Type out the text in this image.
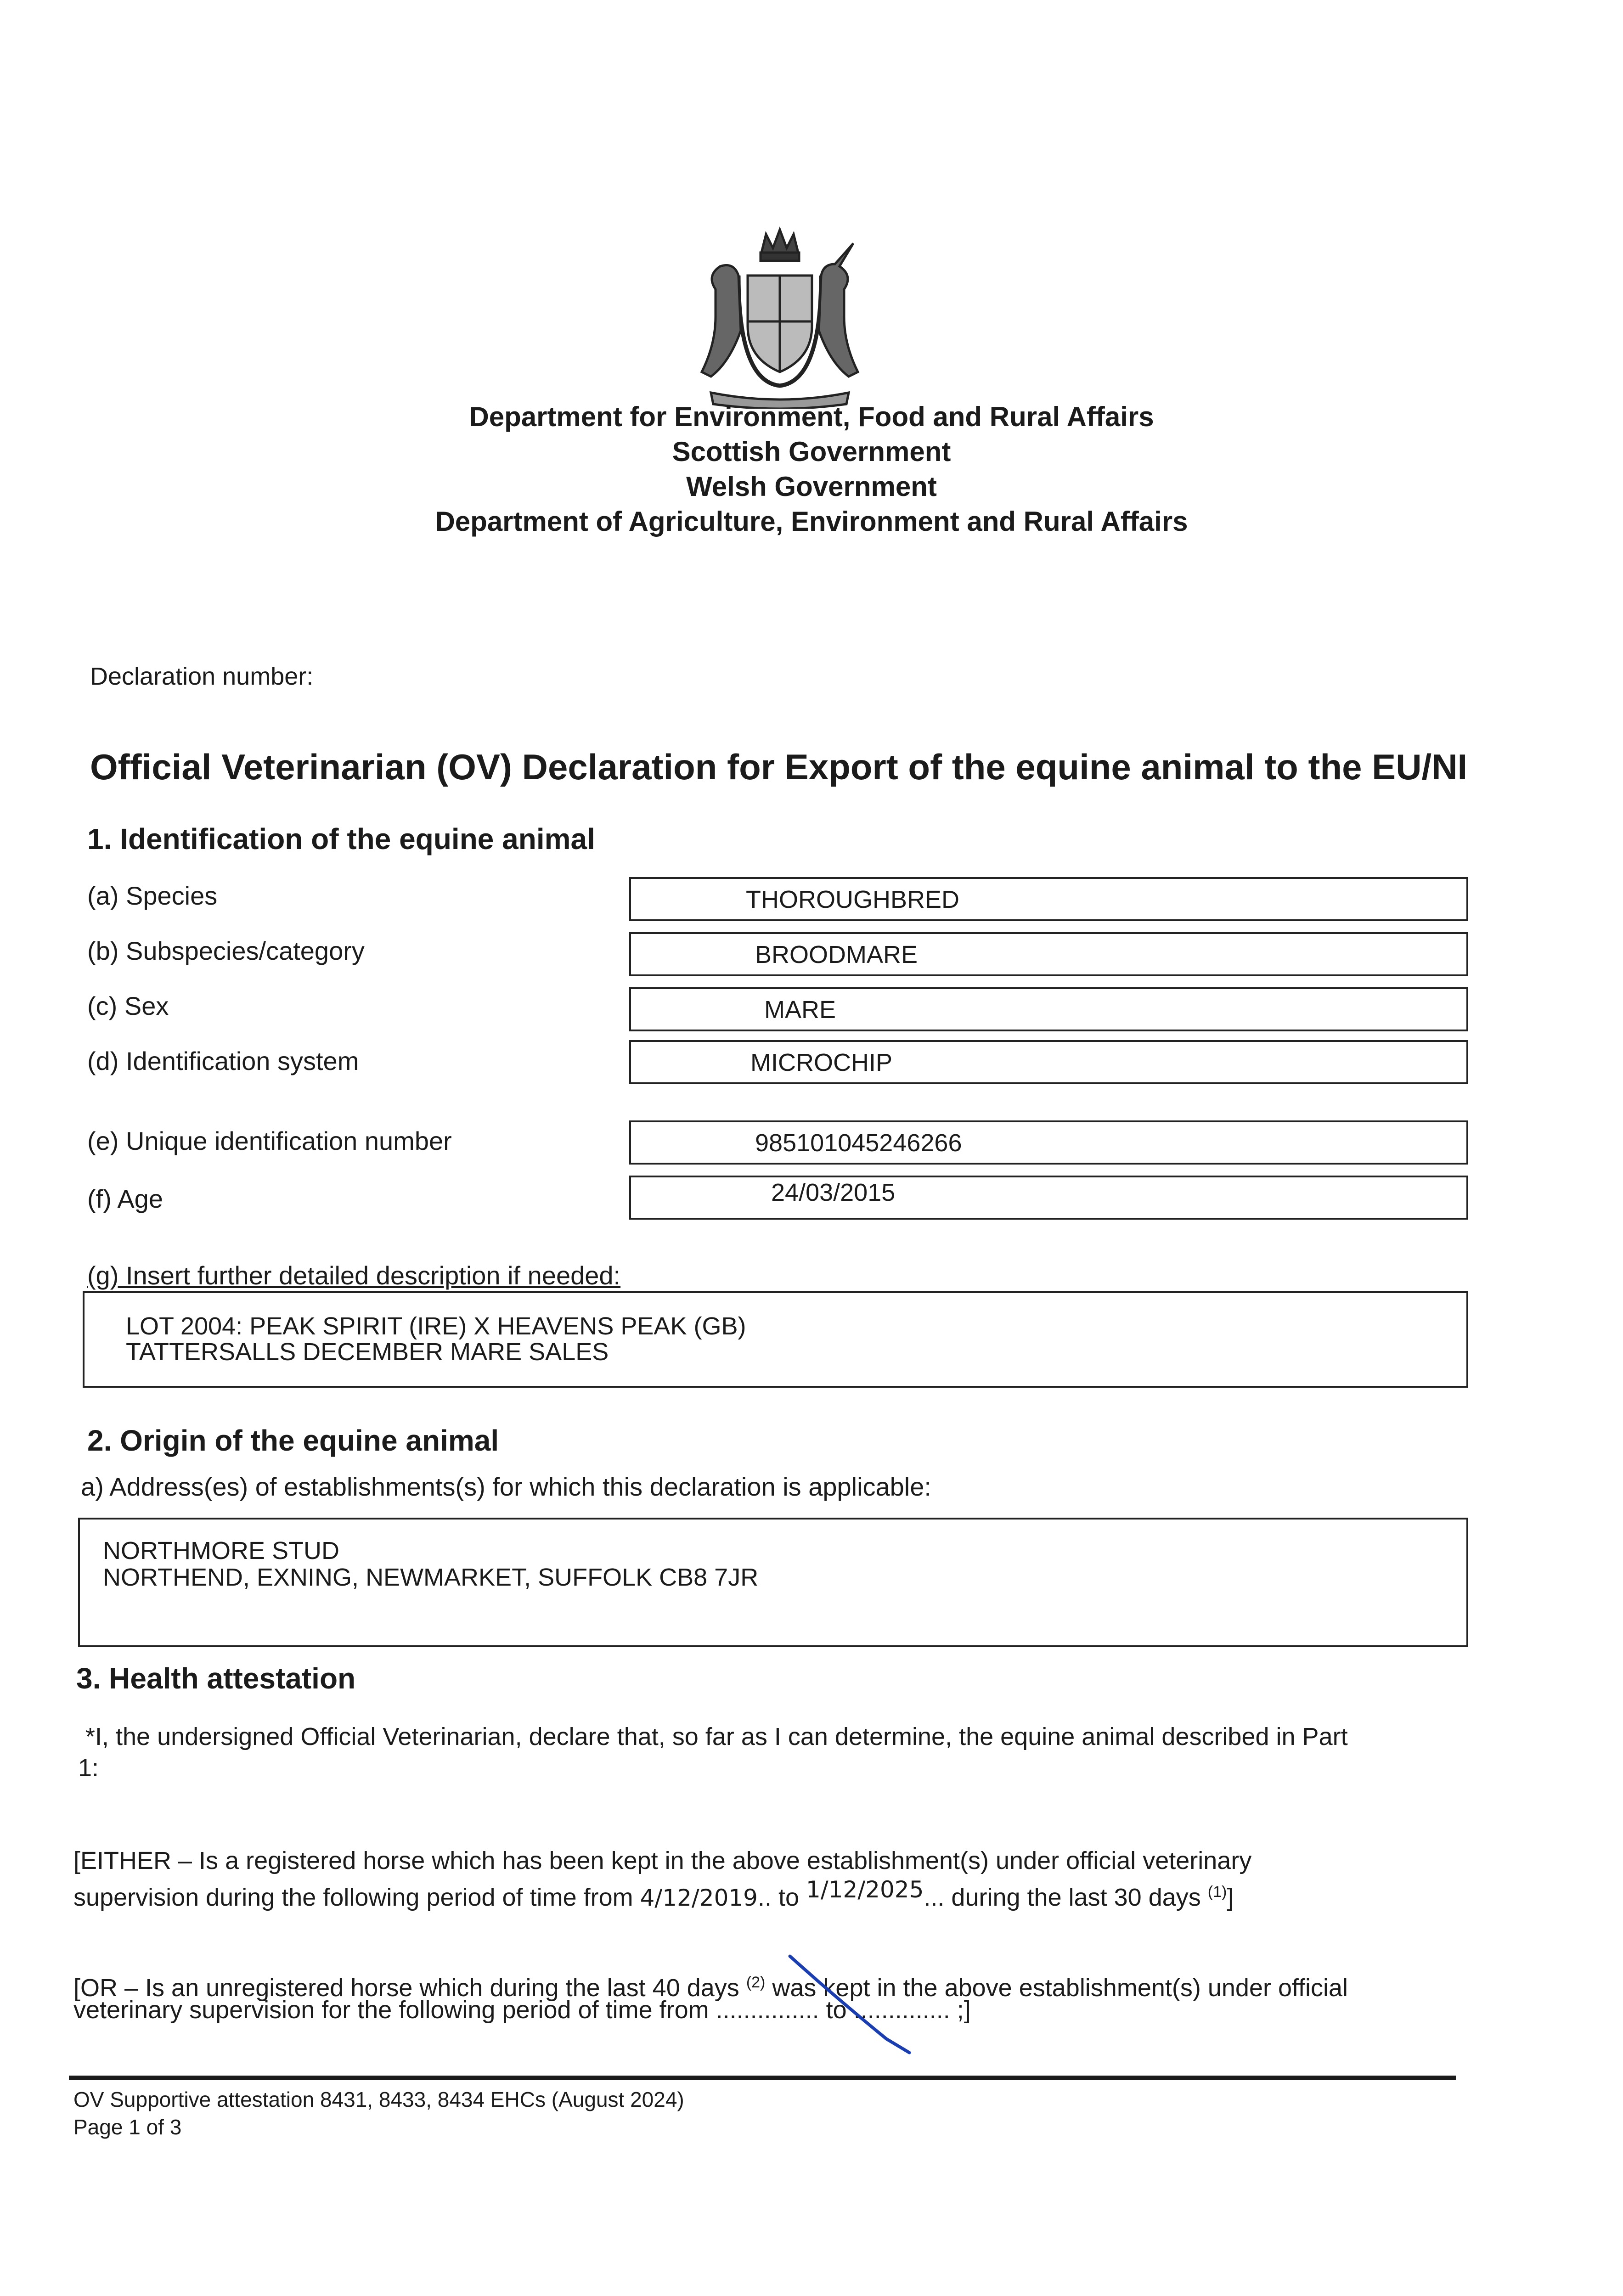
Department for Environment, Food and Rural Affairs
Scottish Government
Welsh Government
Department of Agriculture, Environment and Rural Affairs
Declaration number:
Official Veterinarian (OV) Declaration for Export of the equine animal to the EU/NI
1. Identification of the equine animal
(a) Species	THOROUGHBRED
(b) Subspecies/category	BROODMARE
(c) Sex	MARE
(d) Identification system	MICROCHIP
(e) Unique identification number	985101045246266
(f) Age	24/03/2015
(g) Insert further detailed description if needed:
LOT 2004: PEAK SPIRIT (IRE) X HEAVENS PEAK (GB)
TATTERSALLS DECEMBER MARE SALES
2. Origin of the equine animal
a) Address(es) of establishments(s) for which this declaration is applicable:
NORTHMORE STUD
NORTHEND, EXNING, NEWMARKET, SUFFOLK CB8 7JR
3. Health attestation
*I, the undersigned Official Veterinarian, declare that, so far as I can determine, the equine animal described in Part
1:
[EITHER – Is a registered horse which has been kept in the above establishment(s) under official veterinary
supervision during the following period of time from 4/12/2019.. to 1/12/2025... during the last 30 days $^{(1)}$]
[OR – Is an unregistered horse which during the last 40 days $^{(2)}$ was kept in the above establishment(s) under official
veterinary supervision for the following period of time from ............... to .............. ;]
OV Supportive attestation 8431, 8433, 8434 EHCs (August 2024)
Page 1 of 3
